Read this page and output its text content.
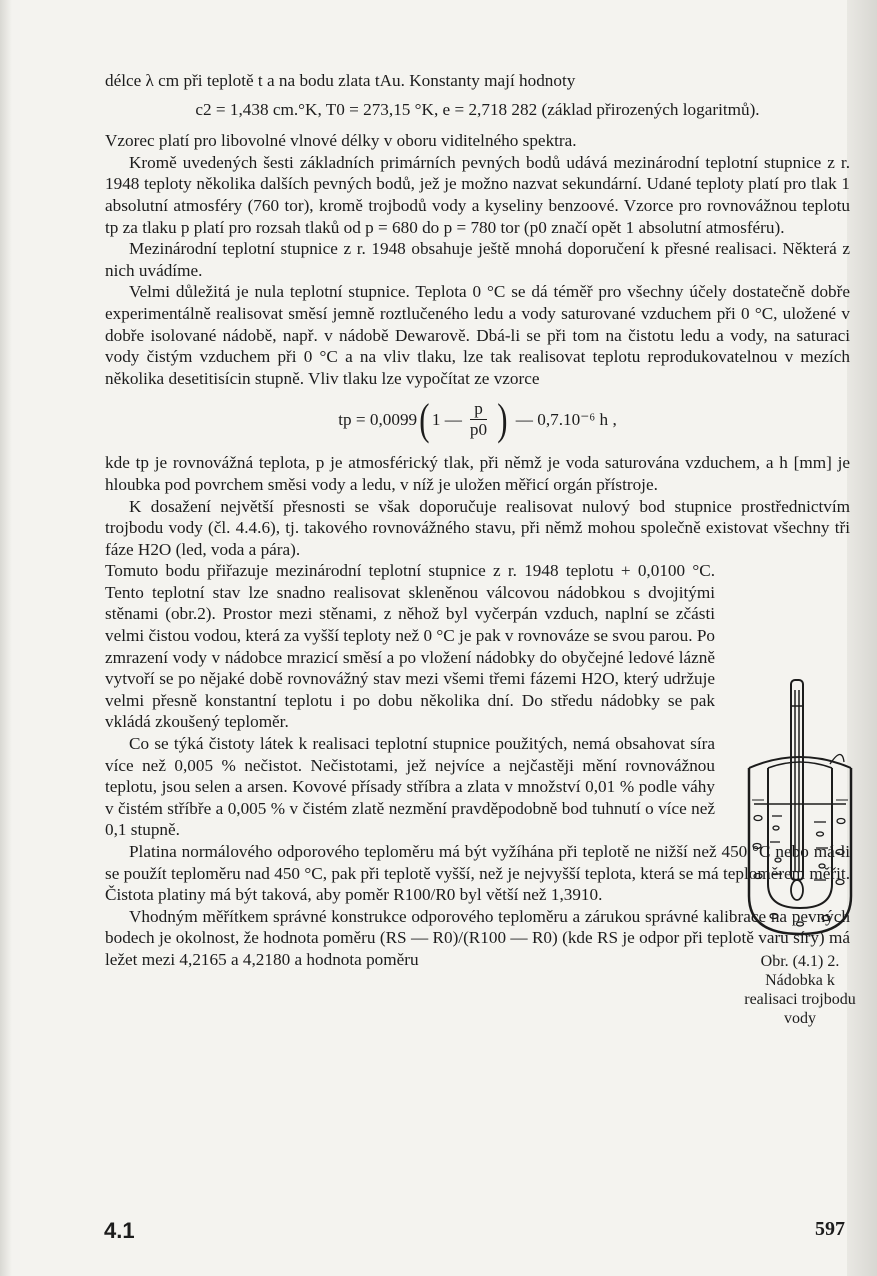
délce λ cm při teplotě t a na bodu zlata tAu. Konstanty mají hodnoty

c2 = 1,438 cm.°K, T0 = 273,15 °K, e = 2,718 282 (základ přirozených logaritmů).

Vzorec platí pro libovolné vlnové délky v oboru viditelného spektra.

Kromě uvedených šesti základních primárních pevných bodů udává mezinárodní teplotní stupnice z r. 1948 teploty několika dalších pevných bodů, jež je možno nazvat sekundární. Udané teploty platí pro tlak 1 absolutní atmosféry (760 tor), kromě trojbodů vody a kyseliny benzoové. Vzorce pro rovnovážnou teplotu tp za tlaku p platí pro rozsah tlaků od p = 680 do p = 780 tor (p0 značí opět 1 absolutní atmosféru).

Mezinárodní teplotní stupnice z r. 1948 obsahuje ještě mnohá doporučení k přesné realisaci. Některá z nich uvádíme.

Velmi důležitá je nula teplotní stupnice. Teplota 0 °C se dá téměř pro všechny účely dostatečně dobře experimentálně realisovat směsí jemně roztlučeného ledu a vody saturované vzduchem při 0 °C, uložené v dobře isolované nádobě, např. v nádobě Dewarově. Dbá-li se při tom na čistotu ledu a vody, na saturaci vody čistým vzduchem při 0 °C a na vliv tlaku, lze tak realisovat teplotu reprodukovatelnou v mezích několika desetitisícin stupně. Vliv tlaku lze vypočítat ze vzorce

tp = 0,0099 ( 1 — $\frac{p}{p0}$ ) — 0,7.10⁻⁶ h ,

kde tp je rovnovážná teplota, p je atmosférický tlak, při němž je voda saturována vzduchem, a h [mm] je hloubka pod povrchem směsi vody a ledu, v níž je uložen měřicí orgán přístroje.

K dosažení největší přesnosti se však doporučuje realisovat nulový bod stupnice prostřednictvím trojbodu vody (čl. 4.4.6), tj. takového rovnovážného stavu, při němž mohou společně existovat všechny tři fáze H2O (led, voda a pára).

Tomuto bodu přiřazuje mezinárodní teplotní stupnice z r. 1948 teplotu + 0,0100 °C. Tento teplotní stav lze snadno realisovat skleněnou válcovou nádobkou s dvojitými stěnami (obr.2). Prostor mezi stěnami, z něhož byl vyčerpán vzduch, naplní se zčásti velmi čistou vodou, která za vyšší teploty než 0 °C je pak v rovnováze se svou parou. Po zmrazení vody v nádobce mrazicí směsí a po vložení nádobky do obyčejné ledové lázně vytvoří se po nějaké době rovnovážný stav mezi všemi třemi fázemi H2O, který udržuje velmi přesně konstantní teplotu i po dobu několika dní. Do středu nádobky se pak vkládá zkoušený teploměr.

Co se týká čistoty látek k realisaci teplotní stupnice použitých, nemá obsahovat síra více než 0,005 % nečistot. Nečistotami, jež nejvíce a nejčastěji mění rovnovážnou teplotu, jsou selen a arsen. Kovové přísady stříbra a zlata v množství 0,01 % podle váhy v čistém stříbře a 0,005 % v čistém zlatě nezmění pravděpodobně bod tuhnutí o více než 0,1 stupně.

Platina normálového odporového teploměru má být vyžíhána při teplotě ne nižší než 450 °C nebo má-li se použít teploměru nad 450 °C, pak při teplotě vyšší, než je nejvyšší teplota, která se má teploměrem měřit. Čistota platiny má být taková, aby poměr R100/R0 byl větší než 1,3910.

Vhodným měřítkem správné konstrukce odporového teploměru a zárukou správné kalibrace na pevných bodech je okolnost, že hodnota poměru (RS — R0)/(R100 — R0) (kde RS je odpor při teplotě varu síry) má ležet mezi 4,2165 a 4,2180 a hodnota poměru	Obr. (4.1) 2. Nádobka k realisaci trojbodu vody
4.1	597
